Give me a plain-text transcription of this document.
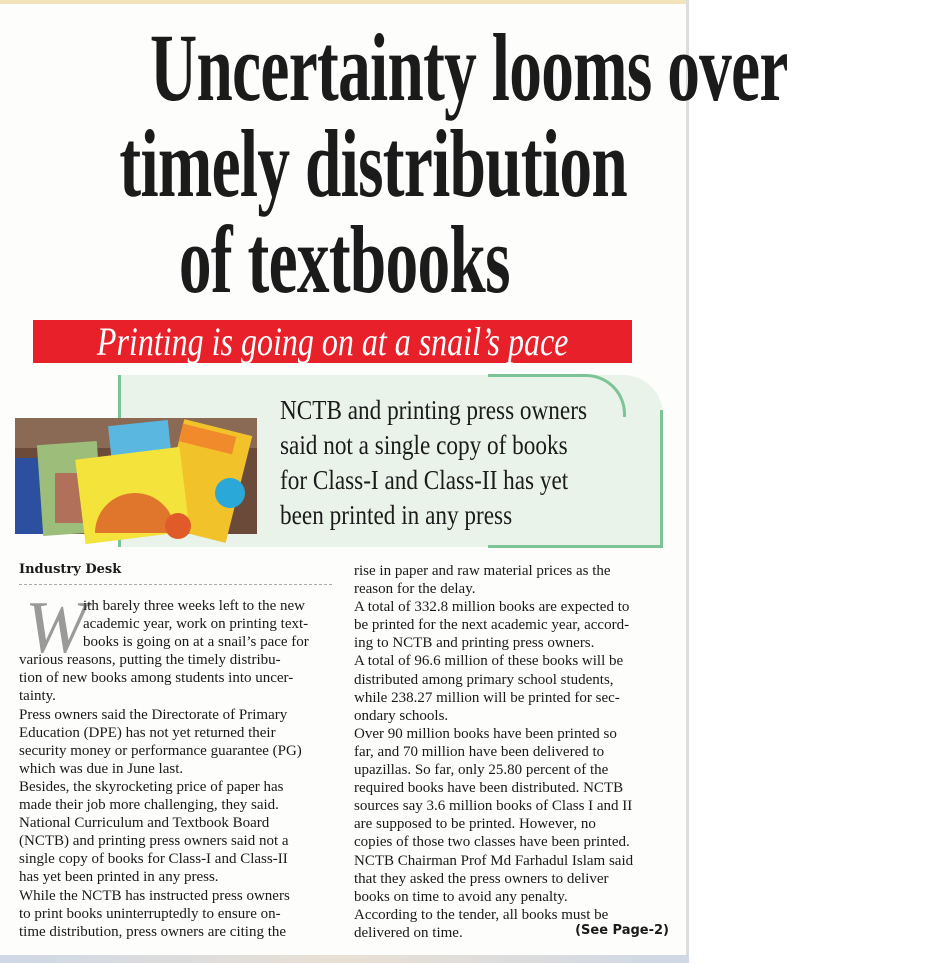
Uncertainty looms over
timely distribution
of textbooks
Printing is going on at a snail’s pace
NCTB and printing press owners
said not a single copy of books
for Class-I and Class-II has yet
been printed in any press
Industry Desk
W
ith barely three weeks left to the new
academic year, work on printing text-
books is going on at a snail’s pace for
various reasons, putting the timely distribu-
tion of new books among students into uncer-
tainty.
Press owners said the Directorate of Primary
Education (DPE) has not yet returned their
security money or performance guarantee (PG)
which was due in June last.
Besides, the skyrocketing price of paper has
made their job more challenging, they said.
National Curriculum and Textbook Board
(NCTB) and printing press owners said not a
single copy of books for Class-I and Class-II
has yet been printed in any press.
While the NCTB has instructed press owners
to print books uninterruptedly to ensure on-
time distribution, press owners are citing the
rise in paper and raw material prices as the
reason for the delay.
A total of 332.8 million books are expected to
be printed for the next academic year, accord-
ing to NCTB and printing press owners.
A total of 96.6 million of these books will be
distributed among primary school students,
while 238.27 million will be printed for sec-
ondary schools.
Over 90 million books have been printed so
far, and 70 million have been delivered to
upazillas. So far, only 25.80 percent of the
required books have been distributed. NCTB
sources say 3.6 million books of Class I and II
are supposed to be printed. However, no
copies of those two classes have been printed.
NCTB Chairman Prof Md Farhadul Islam said
that they asked the press owners to deliver
books on time to avoid any penalty.
According to the tender, all books must be
delivered on time.	(See Page-2)
